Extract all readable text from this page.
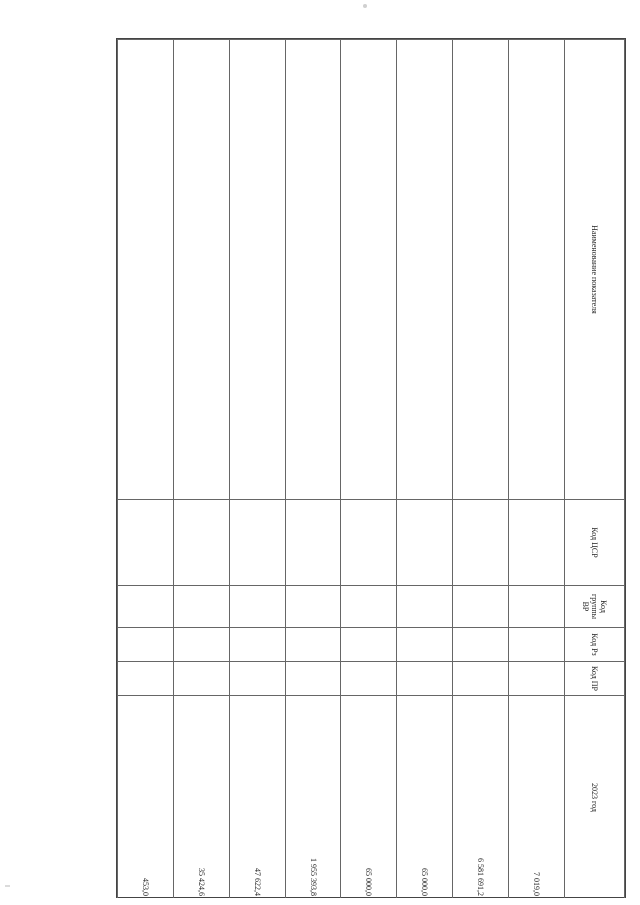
Наименование показателя	Код ЦСР	Код группы ВР	Код Рз	Код ПР	2023 год
					7 019,0
					6 581 691,2
					65 000,0
					65 000,0
					1 955 393,8
					47 622,4
					35 424,6
					453,0
